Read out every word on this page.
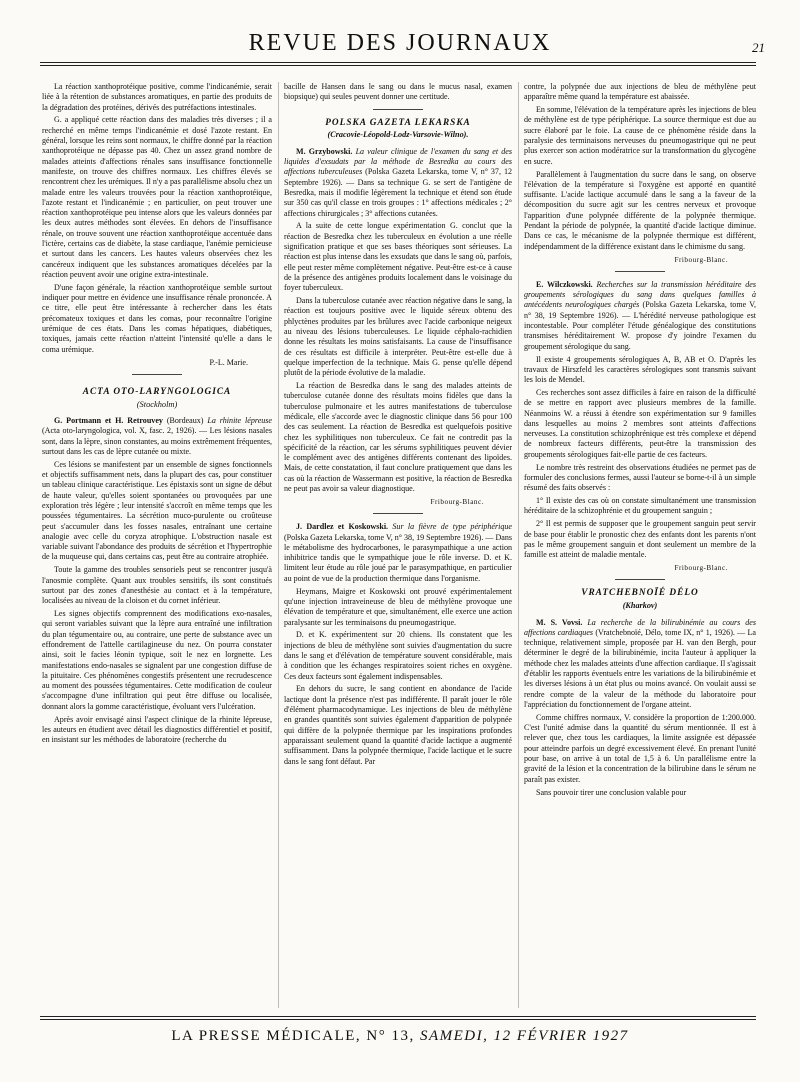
REVUE DES JOURNAUX	21

La réaction xanthoprotéique positive, comme l'indicanémie, serait liée à la rétention de substances aromatiques, en partie des produits de la dégradation des protéines, dérivés des putréfactions intestinales.

G. a appliqué cette réaction dans des maladies très diverses ; il a recherché en même temps l'indicanémie et dosé l'azote restant. En général, lorsque les reins sont normaux, le chiffre donné par la réaction xanthoprotéique ne dépasse pas 40. Chez un assez grand nombre de malades atteints d'affections rénales sans insuffisance fonctionnelle manifeste, on trouve des chiffres normaux. Les chiffres élevés se rencontrent chez les urémiques. Il n'y a pas parallélisme absolu chez un malade entre les valeurs trouvées pour la réaction xanthoprotéique, l'azote restant et l'indicanémie ; en particulier, on peut trouver une réaction xanthoprotéique peu intense alors que les valeurs données par les deux autres méthodes sont élevées. En dehors de l'insuffisance rénale, on trouve souvent une réaction xanthoprotéique accentuée dans l'ictère, certains cas de diabète, la stase cardiaque, l'anémie pernicieuse et surtout dans les cancers. Les hautes valeurs observées chez les cancéreux indiquent que les substances aromatiques décelées par la réaction peuvent avoir une origine extra-intestinale.

D'une façon générale, la réaction xanthoprotéique semble surtout indiquer pour mettre en évidence une insuffisance rénale prononcée. A ce titre, elle peut être intéressante à rechercher dans les états précomateux toxiques et dans les comas, pour reconnaître l'origine urémique de ces états. Dans les comas hépatiques, diabétiques, toxiques, jamais cette réaction n'atteint l'intensité qu'elle a dans le coma urémique.

P.-L. Marie.

ACTA OTO-LARYNGOLOGICA

(Stockholm)

G. Portmann et H. Retrouvey (Bordeaux) La rhinite lépreuse (Acta oto-laryngologica, vol. X, fasc. 2, 1926). — Les lésions nasales sont, dans la lèpre, sinon constantes, au moins extrêmement fréquentes, surtout dans les cas de lèpre cutanée ou mixte.

Ces lésions se manifestent par un ensemble de signes fonctionnels et objectifs suffisamment nets, dans la plupart des cas, pour constituer un tableau clinique caractéristique. Les épistaxis sont un signe de début de haute valeur, qu'elles soient spontanées ou provoquées par une exploration très légère ; leur intensité s'accroît en même temps que les poussées tégumentaires. La sécrétion muco-purulente ou croûteuse peut s'accumuler dans les fosses nasales, entraînant une certaine analogie avec celle du coryza atrophique. L'obstruction nasale est variable suivant l'abondance des produits de sécrétion et l'hypertrophie de la muqueuse qui, dans certains cas, peut être au contraire atrophiée.

Toute la gamme des troubles sensoriels peut se rencontrer jusqu'à l'anosmie complète. Quant aux troubles sensitifs, ils sont constitués surtout par des zones d'anesthésie au contact et à la température, localisées au niveau de la cloison et du cornet inférieur.

Les signes objectifs comprennent des modifications exo-nasales, qui seront variables suivant que la lèpre aura entraîné une infiltration du plan tégumentaire ou, au contraire, une perte de substance avec un effondrement de l'attelle cartilagineuse du nez. On pourra constater ainsi, soit le facies léonin typique, soit le nez en lorgnette. Les manifestations endo-nasales se signalent par une congestion diffuse de la pituitaire. Ces phénomènes congestifs présentent une recrudescence au moment des poussées tégumentaires. Cette modification de couleur s'accompagne d'une infiltration qui peut être diffuse ou localisée, donnant alors la gomme caractéristique, évoluant vers l'ulcération.

Après avoir envisagé ainsi l'aspect clinique de la rhinite lépreuse, les auteurs en étudient avec détail les diagnostics différentiel et positif, en insistant sur les méthodes de laboratoire (recherche du

bacille de Hansen dans le sang ou dans le mucus nasal, examen biopsique) qui seules peuvent donner une certitude.

POLSKA GAZETA LEKARSKA

(Cracovie-Léopold-Lodz-Varsovie-Wilno).

M. Grzybowski. La valeur clinique de l'examen du sang et des liquides d'exsudats par la méthode de Besredka au cours des affections tuberculeuses (Polska Gazeta Lekarska, tome V, n° 37, 12 Septembre 1926). — Dans sa technique G. se sert de l'antigène de Besredka, mais il modifie légèrement la technique et étend son étude sur 350 cas qu'il classe en trois groupes : 1° affections médicales ; 2° affections chirurgicales ; 3° affections cutanées.

A la suite de cette longue expérimentation G. conclut que la réaction de Besredka chez les tuberculeux en évolution a une réelle signification pratique et que ses bases théoriques sont sérieuses. La réaction est plus intense dans les exsudats que dans le sang où, parfois, elle peut rester même complètement négative. Peut-être est-ce à cause de la présence des antigènes produits localement dans le voisinage du foyer tuberculeux.

Dans la tuberculose cutanée avec réaction négative dans le sang, la réaction est toujours positive avec le liquide séreux obtenu des phlyctènes produites par les brûlures avec l'acide carbonique neigeux au niveau des lésions tuberculeuses. Le liquide céphalo-rachidien donne les résultats les moins satisfaisants. La cause de l'insuffisance de ces résultats est difficile à interpréter. Peut-être est-elle due à quelque imperfection de la technique. Mais G. pense qu'elle dépend plutôt de la période évolutive de la maladie.

La réaction de Besredka dans le sang des malades atteints de tuberculose cutanée donne des résultats moins fidèles que dans la tuberculose pulmonaire et les autres manifestations de tuberculose médicale, elle s'accorde avec le diagnostic clinique dans 56 pour 100 des cas seulement. La réaction de Besredka est quelquefois positive chez les syphilitiques non tuberculeux. Ce fait ne contredit pas la spécificité de la réaction, car les sérums syphilitiques peuvent dévier le complément avec des antigènes différents contenant des lipoïdes. Mais, de cette constatation, il faut conclure pratiquement que dans les cas où la réaction de Wassermann est positive, la réaction de Besredka ne peut pas avoir sa valeur diagnostique.

Fribourg-Blanc.

J. Dardlez et Koskowski. Sur la fièvre de type périphérique (Polska Gazeta Lekarska, tome V, n° 38, 19 Septembre 1926). — Dans le métabolisme des hydrocarbones, le parasympathique a une action inhibitrice tandis que le sympathique joue le rôle inverse. D. et K. limitent leur étude au rôle joué par le parasympathique, en particulier au point de vue de la production thermique dans l'organisme.

Heymans, Maigre et Koskowski ont prouvé expérimentalement qu'une injection intraveineuse de bleu de méthylène provoque une élévation de température et que, simultanément, elle exerce une action paralysante sur les terminaisons du pneumogastrique.

D. et K. expérimentent sur 20 chiens. Ils constatent que les injections de bleu de méthylène sont suivies d'augmentation du sucre dans le sang et d'élévation de température souvent considérable, mais à condition que les échanges respiratoires soient riches en oxygène. Ces deux facteurs sont également indispensables.

En dehors du sucre, le sang contient en abondance de l'acide lactique dont la présence n'est pas indifférente. Il paraît jouer le rôle d'élément pharmacodynamique. Les injections de bleu de méthylène en grandes quantités sont suivies également d'apparition de polypnée qui diffère de la polypnée thermique par les inspirations profondes apparaissant seulement quand la quantité d'acide lactique a augmenté suffisamment. Dans la polypnée thermique, l'acide lactique et le sucre dans le sang font défaut. Par

contre, la polypnée due aux injections de bleu de méthylène peut apparaître même quand la température est abaissée.

En somme, l'élévation de la température après les injections de bleu de méthylène est de type périphérique. La source thermique est due au sucre élaboré par le foie. La cause de ce phénomène réside dans la paralysie des terminaisons nerveuses du pneumogastrique qui ne peut plus exercer son action modératrice sur la transformation du glycogène en sucre.

Parallèlement à l'augmentation du sucre dans le sang, on observe l'élévation de la température si l'oxygène est apporté en quantité suffisante. L'acide lactique accumulé dans le sang a la faveur de la décomposition du sucre agit sur les centres nerveux et provoque l'apparition d'une polypnée différente de la polypnée thermique. Pendant la période de polypnée, la quantité d'acide lactique diminue. Dans ce cas, le mécanisme de la polypnée thermique est différent, indépendamment de la différence existant dans le chimisme du sang.

Fribourg-Blanc.

E. Wilczkowski. Recherches sur la transmission héréditaire des groupements sérologiques du sang dans quelques familles à antécédents neurologiques chargés (Polska Gazeta Lekarska, tome V, n° 38, 19 Septembre 1926). — L'hérédité nerveuse pathologique est incontestable. Pour compléter l'étude généalogique des constitutions transmises héréditairement W. propose d'y joindre l'examen du groupement sérologique du sang.

Il existe 4 groupements sérologiques A, B, AB et O. D'après les travaux de Hirszfeld les caractères sérologiques sont transmis suivant les lois de Mendel.

Ces recherches sont assez difficiles à faire en raison de la difficulté de se mettre en rapport avec plusieurs membres de la famille. Néanmoins W. a réussi à étendre son expérimentation sur 9 familles dans lesquelles au moins 2 membres sont atteints d'affections nerveuses. La constitution schizophrénique est très complexe et dépend de nombreux facteurs différents, peut-être la transmission des groupements sérologiques fait-elle partie de ces facteurs.

Le nombre très restreint des observations étudiées ne permet pas de formuler des conclusions fermes, aussi l'auteur se borne-t-il à un simple résumé des faits observés :

1° Il existe des cas où on constate simultanément une transmission héréditaire de la schizophrénie et du groupement sanguin ;

2° Il est permis de supposer que le groupement sanguin peut servir de base pour établir le pronostic chez des enfants dont les parents n'ont pas le même groupement sanguin et dont seulement un membre de la famille est atteint de maladie mentale.

Fribourg-Blanc.

VRATCHEBNOÏÉ DÉLO

(Kharkov)

M. S. Vovsi. La recherche de la bilirubinémie au cours des affections cardiaques (Vratchebnoïé, Délo, tome IX, n° 1, 1926). — La technique, relativement simple, proposée par H. van den Bergh, pour déterminer le degré de la bilirubinémie, incita l'auteur à appliquer la méthode chez les malades atteints d'une affection cardiaque. Il s'agissait d'établir les rapports éventuels entre les variations de la bilirubinémie et les diverses lésions à un état plus ou moins avancé. On voulait aussi se rendre compte de la valeur de la méthode du laboratoire pour l'appréciation du fonctionnement de l'organe atteint.

Comme chiffres normaux, V. considère la proportion de 1:200.000. C'est l'unité admise dans la quantité du sérum mentionnée. Il est à relever que, chez tous les cardiaques, la limite assignée est dépassée pour atteindre parfois un degré excessivement élevé. En prenant l'unité pour base, on arrive à un total de 1,5 à 6. Un parallélisme entre la gravité de la lésion et la concentration de la bilirubine dans le sérum ne paraît pas exister.

Sans pouvoir tirer une conclusion valable pour

LA PRESSE MÉDICALE, N° 13, SAMEDI, 12 FÉVRIER 1927
